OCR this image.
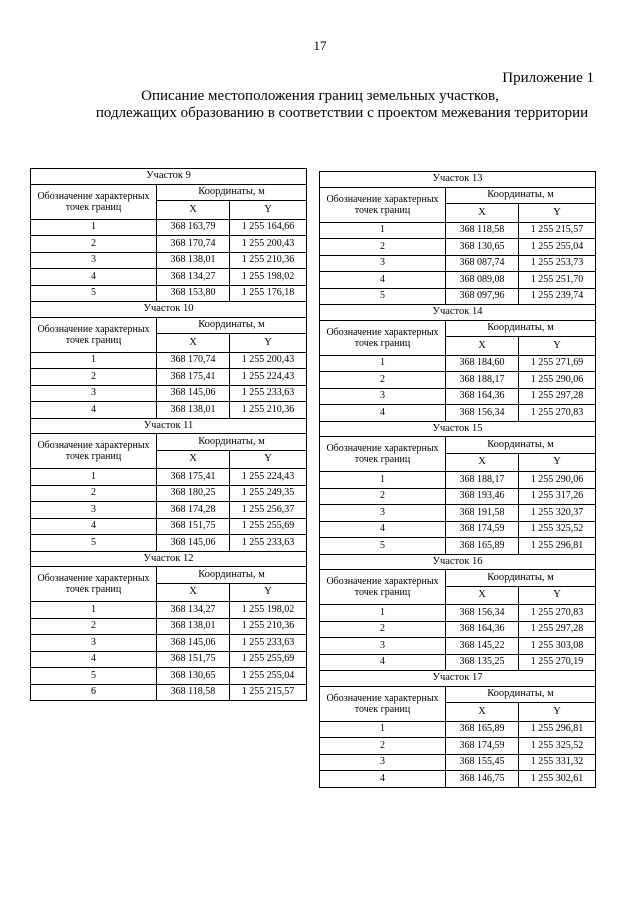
17
Приложение 1
Описание местоположения границ земельных участков,
подлежащих образованию в соответствии с проектом межевания территории
Участок 9		
Обозначение характерных точек границ	Координаты, м	
	X	Y
1	368 163,79	1 255 164,66
2	368 170,74	1 255 200,43
3	368 138,01	1 255 210,36
4	368 134,27	1 255 198,02
5	368 153,80	1 255 176,18
Участок 10		
Обозначение характерных точек границ	Координаты, м	
	X	Y
1	368 170,74	1 255 200,43
2	368 175,41	1 255 224,43
3	368 145,06	1 255 233,63
4	368 138,01	1 255 210,36
Участок 11		
Обозначение характерных точек границ	Координаты, м	
	X	Y
1	368 175,41	1 255 224,43
2	368 180,25	1 255 249,35
3	368 174,28	1 255 256,37
4	368 151,75	1 255 255,69
5	368 145,06	1 255 233,63
Участок 12		
Обозначение характерных точек границ	Координаты, м	
	X	Y
1	368 134,27	1 255 198,02
2	368 138,01	1 255 210,36
3	368 145,06	1 255 233,63
4	368 151,75	1 255 255,69
5	368 130,65	1 255 255,04
6	368 118,58	1 255 215,57
Участок 13		
Обозначение характерных точек границ	Координаты, м	
	X	Y
1	368 118,58	1 255 215,57
2	368 130,65	1 255 255,04
3	368 087,74	1 255 253,73
4	368 089,08	1 255 251,70
5	368 097,96	1 255 239,74
Участок 14		
Обозначение характерных точек границ	Координаты, м	
	X	Y
1	368 184,60	1 255 271,69
2	368 188,17	1 255 290,06
3	368 164,36	1 255 297,28
4	368 156,34	1 255 270,83
Участок 15		
Обозначение характерных точек границ	Координаты, м	
	X	Y
1	368 188,17	1 255 290,06
2	368 193,46	1 255 317,26
3	368 191,58	1 255 320,37
4	368 174,59	1 255 325,52
5	368 165,89	1 255 296,81
Участок 16		
Обозначение характерных точек границ	Координаты, м	
	X	Y
1	368 156,34	1 255 270,83
2	368 164,36	1 255 297,28
3	368 145,22	1 255 303,08
4	368 135,25	1 255 270,19
Участок 17		
Обозначение характерных точек границ	Координаты, м	
	X	Y
1	368 165,89	1 255 296,81
2	368 174,59	1 255 325,52
3	368 155,45	1 255 331,32
4	368 146,75	1 255 302,61
